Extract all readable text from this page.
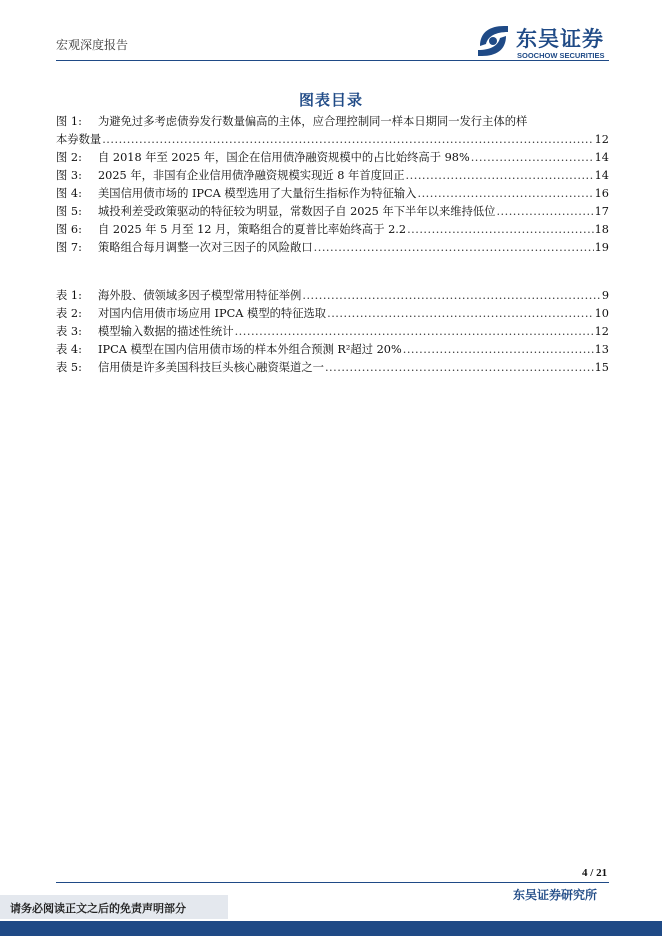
宏观深度报告	东吴证券
SOOCHOW SECURITIES
图表目录
图 1:	为避免过多考虑债券发行数量偏高的主体，应合理控制同一样本日期同一发行主体的样
本券数量 .....	12
图 2:	自 2018 年至 2025 年，国企在信用债净融资规模中的占比始终高于 98% .....	14
图 3:	2025 年，非国有企业信用债净融资规模实现近 8 年首度回正 .....	14
图 4:	美国信用债市场的 IPCA 模型选用了大量衍生指标作为特征输入 .....	16
图 5:	城投利差受政策驱动的特征较为明显，常数因子自 2025 年下半年以来维持低位 .....	17
图 6:	自 2025 年 5 月至 12 月，策略组合的夏普比率始终高于 2.2 .....	18
图 7:	策略组合每月调整一次对三因子的风险敞口 .....	19
表 1:	海外股、债领域多因子模型常用特征举例 .....	9
表 2:	对国内信用债市场应用 IPCA 模型的特征选取 .....	10
表 3:	模型输入数据的描述性统计 .....	12
表 4:	IPCA 模型在国内信用债市场的样本外组合预测 R²超过 20% .....	13
表 5:	信用债是许多美国科技巨头核心融资渠道之一 .....	15
4 / 21
请务必阅读正文之后的免责声明部分
东吴证券研究所
